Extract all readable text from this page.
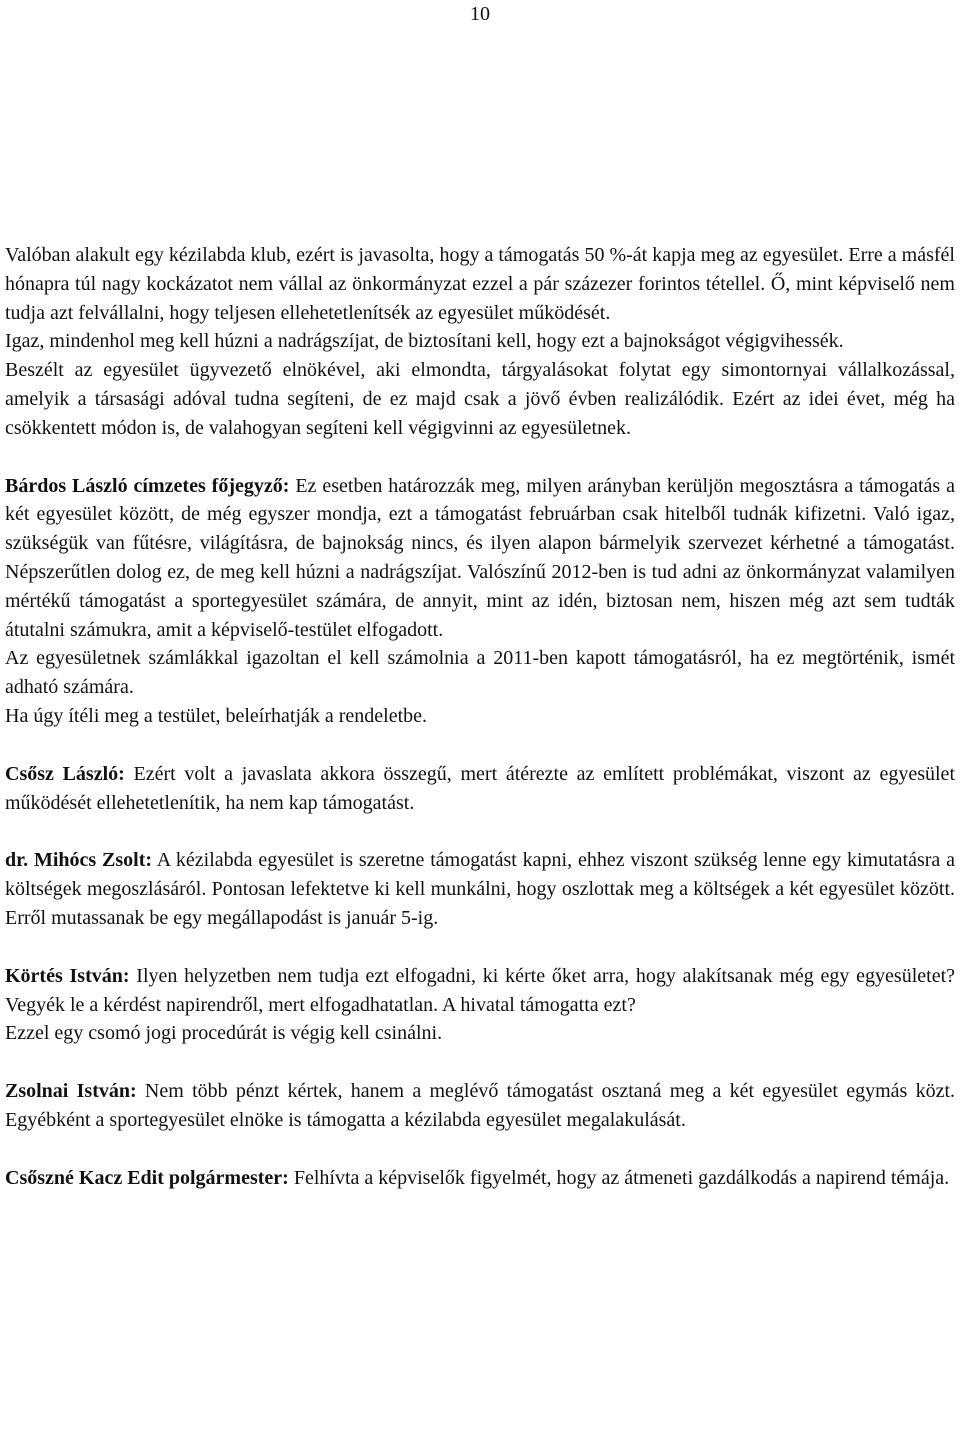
10

Valóban alakult egy kézilabda klub, ezért is javasolta, hogy a támogatás 50 %-át kapja meg az egyesület. Erre a másfél hónapra túl nagy kockázatot nem vállal az önkormányzat ezzel a pár százezer forintos tétellel. Ő, mint képviselő nem tudja azt felvállalni, hogy teljesen ellehetetlenítsék az egyesület működését.

Igaz, mindenhol meg kell húzni a nadrágszíjat, de biztosítani kell, hogy ezt a bajnokságot végigvihessék.

Beszélt az egyesület ügyvezető elnökével, aki elmondta, tárgyalásokat folytat egy simontornyai vállalkozással, amelyik a társasági adóval tudna segíteni, de ez majd csak a jövő évben realizálódik. Ezért az idei évet, még ha csökkentett módon is, de valahogyan segíteni kell végigvinni az egyesületnek.

Bárdos László címzetes főjegyző: Ez esetben határozzák meg, milyen arányban kerüljön megosztásra a támogatás a két egyesület között, de még egyszer mondja, ezt a támogatást februárban csak hitelből tudnák kifizetni. Való igaz, szükségük van fűtésre, világításra, de bajnokság nincs, és ilyen alapon bármelyik szervezet kérhetné a támogatást. Népszerűtlen dolog ez, de meg kell húzni a nadrágszíjat. Valószínű 2012-ben is tud adni az önkormányzat valamilyen mértékű támogatást a sportegyesület számára, de annyit, mint az idén, biztosan nem, hiszen még azt sem tudták átutalni számukra, amit a képviselő-testület elfogadott.

Az egyesületnek számlákkal igazoltan el kell számolnia a 2011-ben kapott támogatásról, ha ez megtörténik, ismét adható számára.

Ha úgy ítéli meg a testület, beleírhatják a rendeletbe.

Csősz László: Ezért volt a javaslata akkora összegű, mert átérezte az említett problémákat, viszont az egyesület működését ellehetetlenítik, ha nem kap támogatást.

dr. Mihócs Zsolt: A kézilabda egyesület is szeretne támogatást kapni, ehhez viszont szükség lenne egy kimutatásra a költségek megoszlásáról. Pontosan lefektetve ki kell munkálni, hogy oszlottak meg a költségek a két egyesület között. Erről mutassanak be egy megállapodást is január 5-ig.

Körtés István: Ilyen helyzetben nem tudja ezt elfogadni, ki kérte őket arra, hogy alakítsanak még egy egyesületet? Vegyék le a kérdést napirendről, mert elfogadhatatlan. A hivatal támogatta ezt?

Ezzel egy csomó jogi procedúrát is végig kell csinálni.

Zsolnai István: Nem több pénzt kértek, hanem a meglévő támogatást osztaná meg a két egyesület egymás közt. Egyébként a sportegyesület elnöke is támogatta a kézilabda egyesület megalakulását.

Csőszné Kacz Edit polgármester: Felhívta a képviselők figyelmét, hogy az átmeneti gazdálkodás a napirend témája.
